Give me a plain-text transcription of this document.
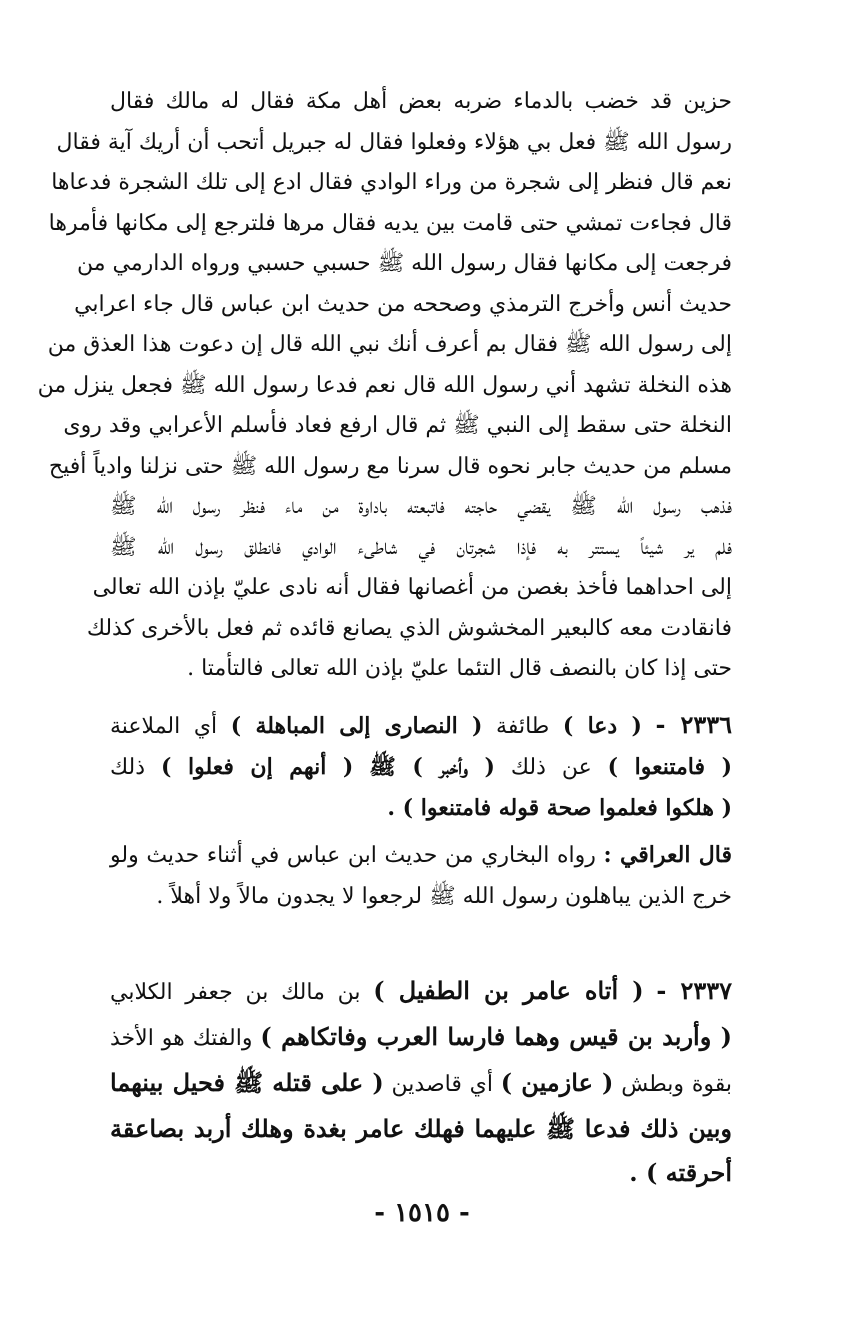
حزين قد خضب بالدماء ضربه بعض أهل مكة فقال له مالك فقال
رسول الله ﷺ فعل بي هؤلاء وفعلوا فقال له جبريل أتحب أن أريك آية فقال
نعم قال فنظر إلى شجرة من وراء الوادي فقال ادع إلى تلك الشجرة فدعاها
قال فجاءت تمشي حتى قامت بين يديه فقال مرها فلترجع إلى مكانها فأمرها
فرجعت إلى مكانها فقال رسول الله ﷺ حسبي حسبي ورواه الدارمي من
حديث أنس وأخرج الترمذي وصححه من حديث ابن عباس قال جاء اعرابي
إلى رسول الله ﷺ فقال بم أعرف أنك نبي الله قال إن دعوت هذا العذق من
هذه النخلة تشهد أني رسول الله قال نعم فدعا رسول الله ﷺ فجعل ينزل من
النخلة حتى سقط إلى النبي ﷺ ثم قال ارفع فعاد فأسلم الأعرابي وقد روى
مسلم من حديث جابر نحوه قال سرنا مع رسول الله ﷺ حتى نزلنا وادياً أفيح
فذهب رسول الله ﷺ يقضي حاجته فاتبعته باداوة من ماء فنظر رسول الله ﷺ
فلم ير شيئاً يستتر به فإذا شجرتان في شاطىء الوادي فانطلق رسول الله ﷺ
إلى احداهما فأخذ بغصن من أغصانها فقال أنه نادى عليّ بإذن الله تعالى
فانقادت معه كالبعير المخشوش الذي يصانع قائده ثم فعل بالأخرى كذلك
حتى إذا كان بالنصف قال التئما عليّ بإذن الله تعالى فالتأمتا .
٢٣٣٦ - ( دعا ) طائفة ( النصارى إلى المباهلة ) أي الملاعنة
( فامتنعوا ) عن ذلك ( وأخبر ) ﷺ ( أنهم إن فعلوا ) ذلك
( هلكوا فعلموا صحة قوله فامتنعوا ) .
قال العراقي : رواه البخاري من حديث ابن عباس في أثناء حديث ولو
خرج الذين يباهلون رسول الله ﷺ لرجعوا لا يجدون مالاً ولا أهلاً .
٢٣٣٧ - ( أتاه عامر بن الطفيل ) بن مالك بن جعفر الكلابي
( وأربد بن قيس وهما فارسا العرب وفاتكاهم ) والفتك هو الأخذ
بقوة وبطش ( عازمين ) أي قاصدين ( على قتله ﷺ فحيل بينهما
وبين ذلك فدعا ﷺ عليهما فهلك عامر بغدة وهلك أربد بصاعقة
أحرقته ) .
- ١٥١٥ -
